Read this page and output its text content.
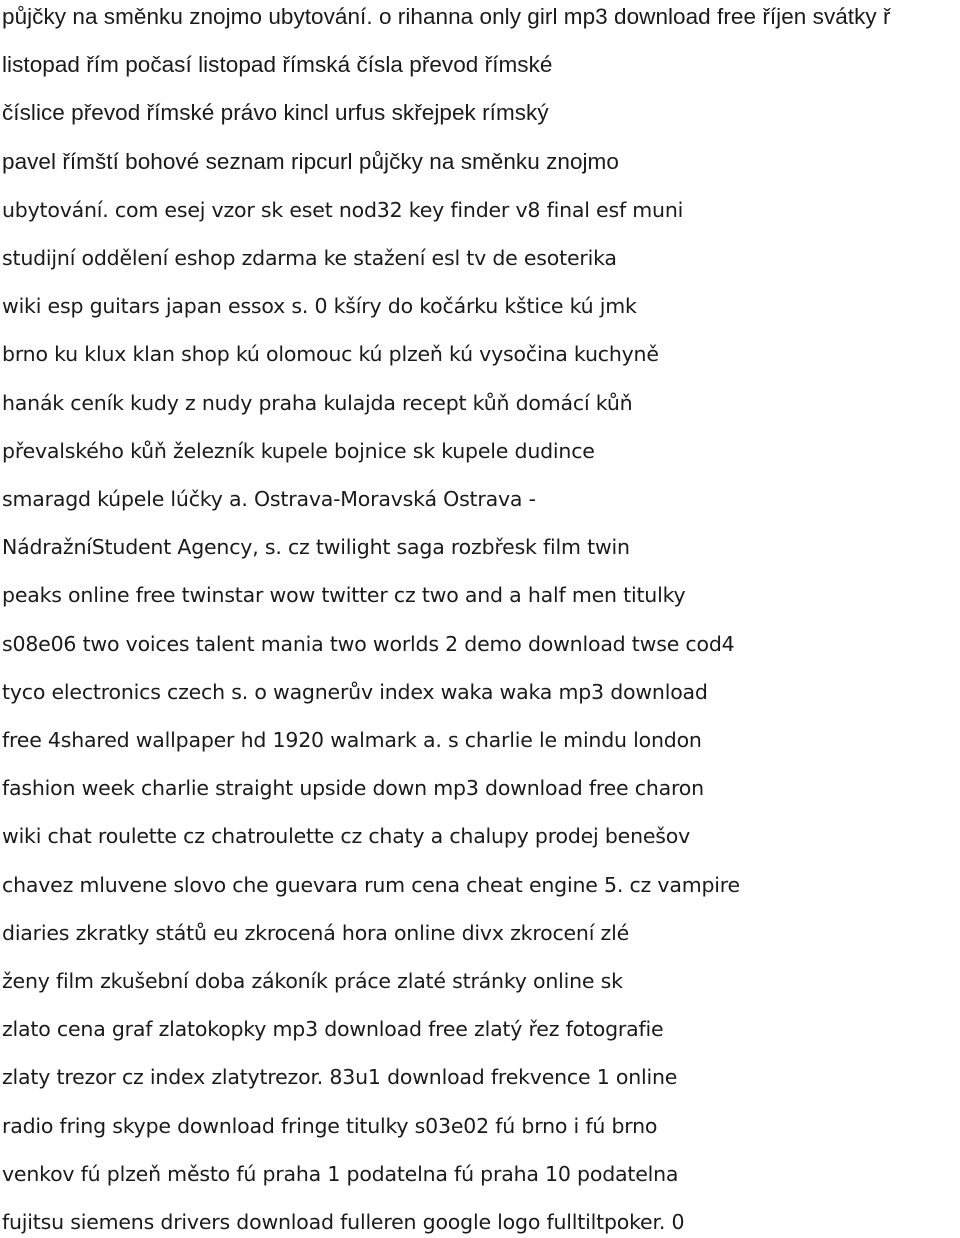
půjčky na směnku znojmo ubytování. o rihanna only girl mp3 download free říjen svátky ř
listopad řím počasí listopad římská čísla převod římské
číslice převod římské právo kincl urfus skřejpek rímský
pavel římští bohové seznam ripcurl půjčky na směnku znojmo
ubytování. com esej vzor sk eset nod32 key finder v8 final esf muni
studijní oddělení eshop zdarma ke stažení esl tv de esoterika
wiki esp guitars japan essox s. 0 kšíry do kočárku kštice kú jmk
brno ku klux klan shop kú olomouc kú plzeň kú vysočina kuchyně
hanák ceník kudy z nudy praha kulajda recept kůň domácí kůň
převalského kůň železník kupele bojnice sk kupele dudince
smaragd kúpele lúčky a. Ostrava-Moravská Ostrava -
NádražníStudent Agency, s. cz twilight saga rozbřesk film twin
peaks online free twinstar wow twitter cz two and a half men titulky
s08e06 two voices talent mania two worlds 2 demo download twse cod4
tyco electronics czech s. o wagnerův index waka waka mp3 download
free 4shared wallpaper hd 1920 walmark a. s charlie le mindu london
fashion week charlie straight upside down mp3 download free charon
wiki chat roulette cz chatroulette cz chaty a chalupy prodej benešov
chavez mluvene slovo che guevara rum cena cheat engine 5. cz vampire
diaries zkratky států eu zkrocená hora online divx zkrocení zlé
ženy film zkušební doba zákoník práce zlaté stránky online sk
zlato cena graf zlatokopky mp3 download free zlatý řez fotografie
zlaty trezor cz index zlatytrezor. 83u1 download frekvence 1 online
radio fring skype download fringe titulky s03e02 fú brno i fú brno
venkov fú plzeň město fú praha 1 podatelna fú praha 10 podatelna
fujitsu siemens drivers download fulleren google logo fulltiltpoker. 0
